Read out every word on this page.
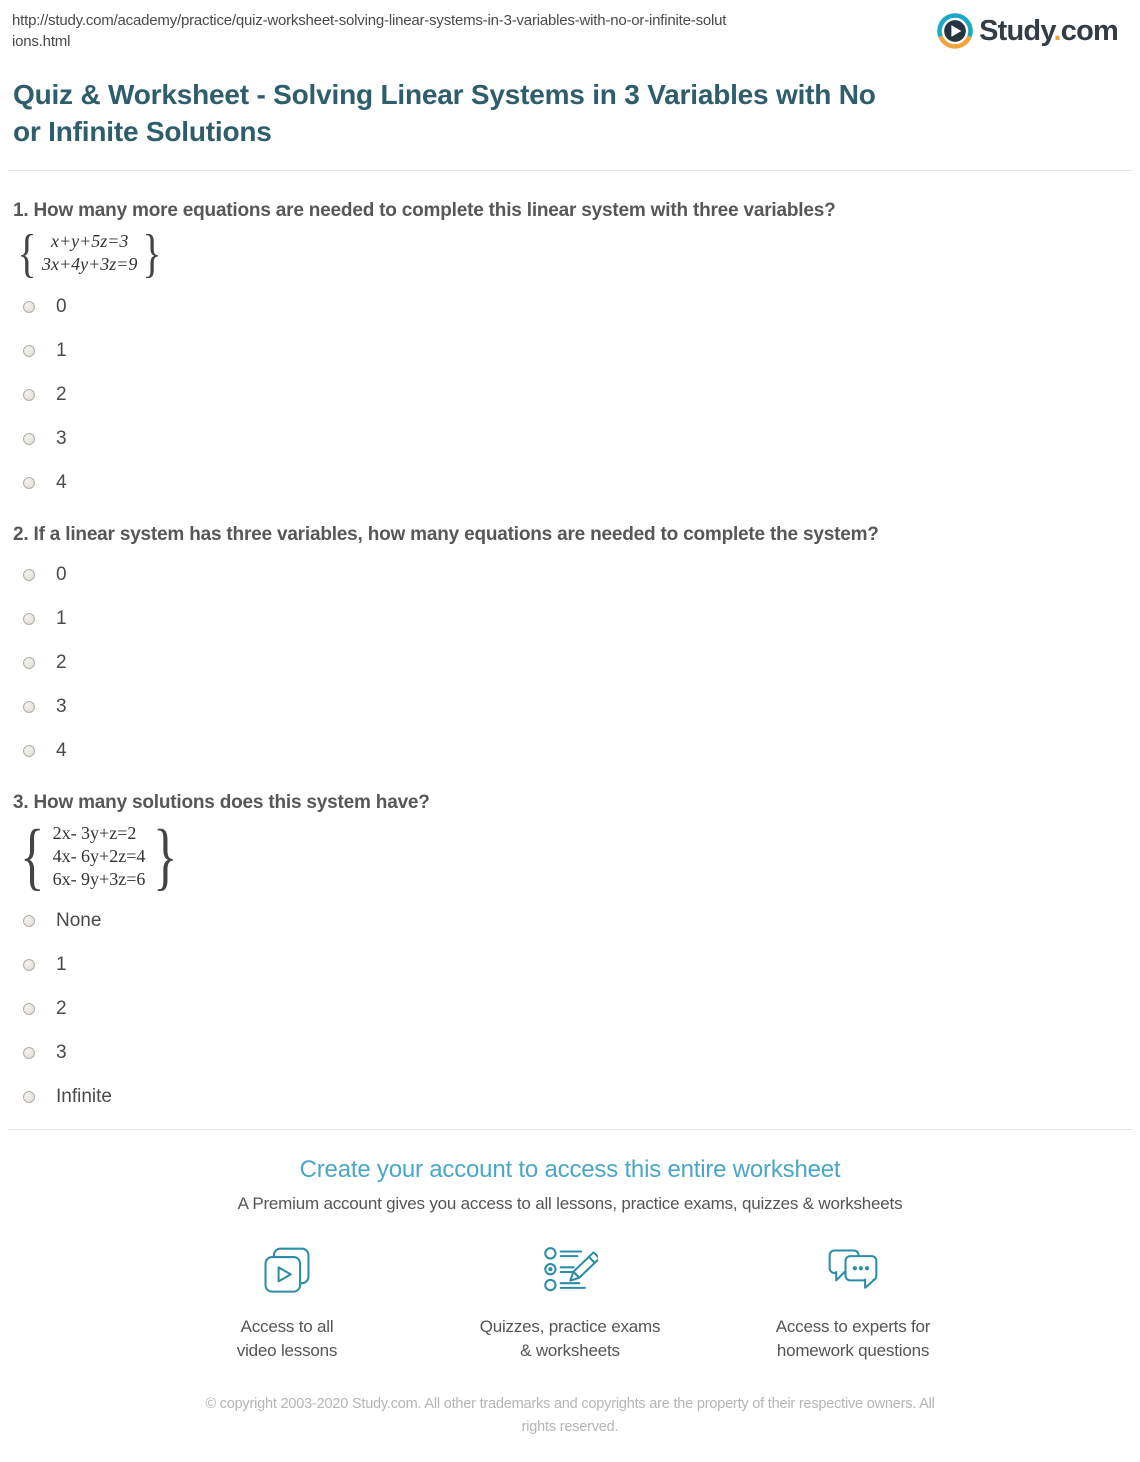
http://study.com/academy/practice/quiz-worksheet-solving-linear-systems-in-3-variables-with-no-or-infinite-solutions.html	Study.com
Quiz & Worksheet - Solving Linear Systems in 3 Variables with No or Infinite Solutions
1. How many more equations are needed to complete this linear system with three variables?
{
x+y+5z=3
3x+4y+3z=9
}
0
1
2
3
4
2. If a linear system has three variables, how many equations are needed to complete the system?
0
1
2
3
4
3. How many solutions does this system have?
{
2x- 3y+z=2
4x- 6y+2z=4
6x- 9y+3z=6
}
None
1
2
3
Infinite
Create your account to access this entire worksheet
A Premium account gives you access to all lessons, practice exams, quizzes & worksheets
Access to all
video lessons
Quizzes, practice exams
& worksheets
Access to experts for
homework questions
© copyright 2003-2020 Study.com. All other trademarks and copyrights are the property of their respective owners. All rights reserved.
